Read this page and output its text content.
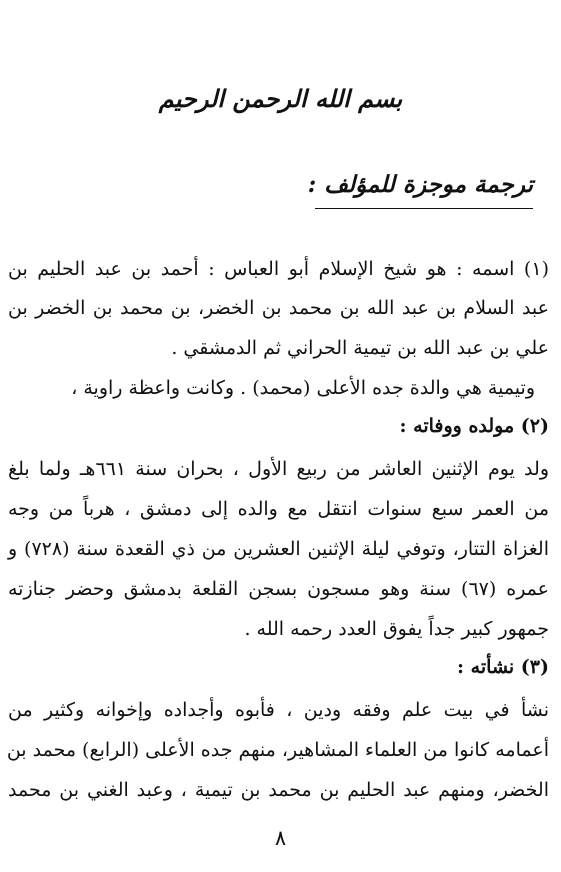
بسم الله الرحمن الرحيم
ترجمة موجزة للمؤلف :
(١) اسمه : هو شيخ الإسلام أبو العباس : أحمد بن عبد الحليم بن
عبد السلام بن عبد الله بن محمد بن الخضر، بن محمد بن الخضر بن
علي بن عبد الله بن تيمية الحراني ثم الدمشقي .
وتيمية هي والدة جده الأعلى (محمد) . وكانت واعظة راوية ،
(٢) مولده ووفاته :
ولد يوم الإثنين العاشر من ربيع الأول ، بحران سنة ٦٦١هـ ولما بلغ
من العمر سبع سنوات انتقل مع والده إلى دمشق ، هرباً من وجه
الغزاة التتار، وتوفي ليلة الإثنين العشرين من ذي القعدة سنة (٧٢٨) و
عمره (٦٧) سنة وهو مسجون بسجن القلعة بدمشق وحضر جنازته
جمهور كبير جداً يفوق العدد رحمه الله .
(٣) نشأته :
نشأ في بيت علم وفقه ودين ، فأبوه وأجداده وإخوانه وكثير من
أعمامه كانوا من العلماء المشاهير، منهم جده الأعلى (الرابع) محمد بن
الخضر، ومنهم عبد الحليم بن محمد بن تيمية ، وعبد الغني بن محمد
٨
